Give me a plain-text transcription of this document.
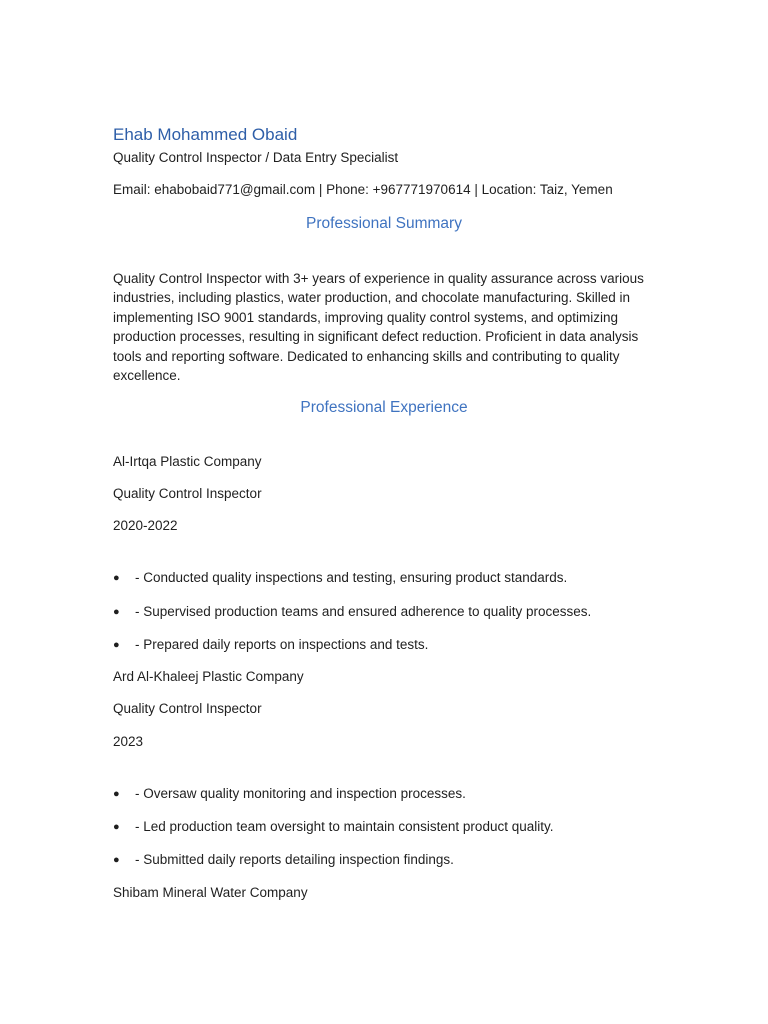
Ehab Mohammed Obaid
Quality Control Inspector / Data Entry Specialist
Email: ehabobaid771@gmail.com | Phone: +967771970614 | Location: Taiz, Yemen
Professional Summary

Quality Control Inspector with 3+ years of experience in quality assurance across various industries, including plastics, water production, and chocolate manufacturing. Skilled in implementing ISO 9001 standards, improving quality control systems, and optimizing production processes, resulting in significant defect reduction. Proficient in data analysis tools and reporting software. Dedicated to enhancing skills and contributing to quality excellence.

Professional Experience
Al-Irtqa Plastic Company
Quality Control Inspector
2020-2022
● - Conducted quality inspections and testing, ensuring product standards.
● - Supervised production teams and ensured adherence to quality processes.
● - Prepared daily reports on inspections and tests.
Ard Al-Khaleej Plastic Company
Quality Control Inspector
2023
● - Oversaw quality monitoring and inspection processes.
● - Led production team oversight to maintain consistent product quality.
● - Submitted daily reports detailing inspection findings.
Shibam Mineral Water Company
